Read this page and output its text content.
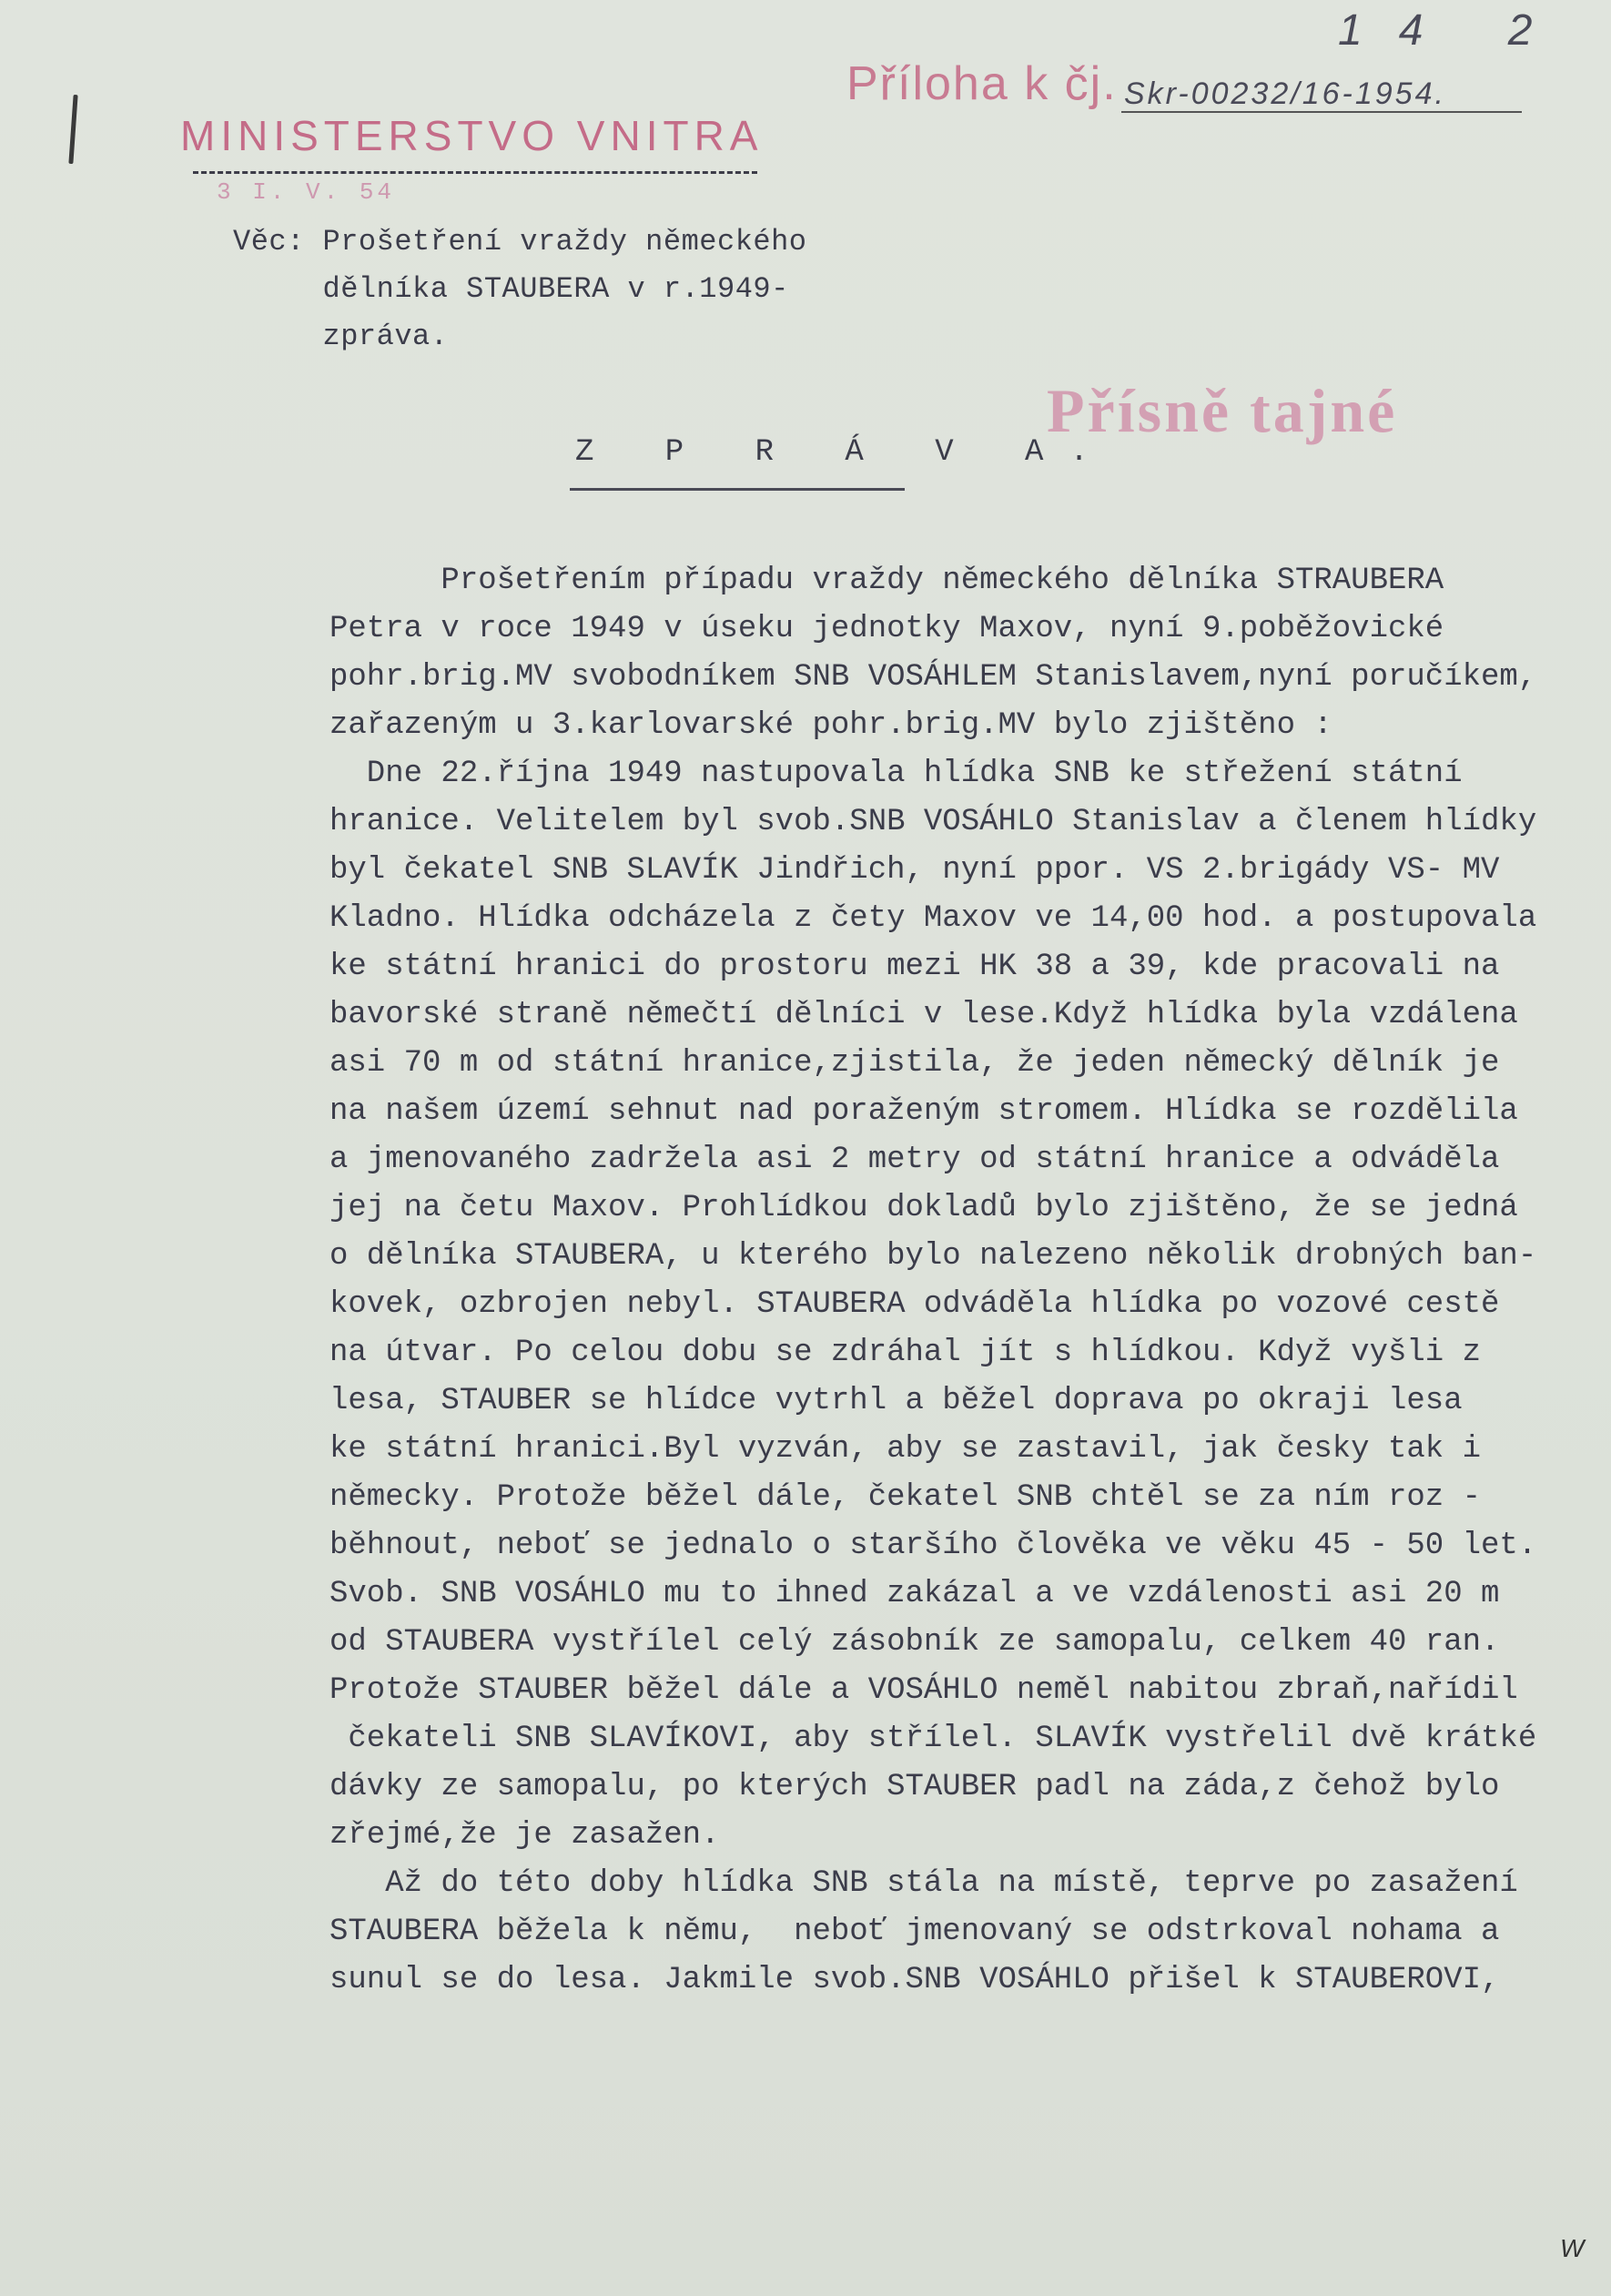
14 2
Příloha k čj. Skr-00232/16-1954.
MINISTERSTVO VNITRA
3 I. V. 54
Věc: Prošetření vraždy německého
dělníka STAUBERA v r.1949-
zpráva.
Přísně tajné
Z P R Á V A.
Prošetřením případu vraždy německého dělníka STRAUBERA
Petra v roce 1949 v úseku jednotky Maxov, nyní 9.poběžovické
pohr.brig.MV svobodníkem SNB VOSÁHLEM Stanislavem,nyní poručíkem,
zařazeným u 3.karlovarské pohr.brig.MV bylo zjištěno :
Dne 22.října 1949 nastupovala hlídka SNB ke střežení státní
hranice. Velitelem byl svob.SNB VOSÁHLO Stanislav a členem hlídky
byl čekatel SNB SLAVÍK Jindřich, nyní ppor. VS 2.brigády VS- MV
Kladno. Hlídka odcházela z čety Maxov ve 14,00 hod. a postupovala
ke státní hranici do prostoru mezi HK 38 a 39, kde pracovali na
bavorské straně němečtí dělníci v lese.Když hlídka byla vzdálena
asi 70 m od státní hranice,zjistila, že jeden německý dělník je
na našem území sehnut nad poraženým stromem. Hlídka se rozdělila
a jmenovaného zadržela asi 2 metry od státní hranice a odváděla
jej na četu Maxov. Prohlídkou dokladů bylo zjištěno, že se jedná
o dělníka STAUBERA, u kterého bylo nalezeno několik drobných ban-
kovek, ozbrojen nebyl. STAUBERA odváděla hlídka po vozové cestě
na útvar. Po celou dobu se zdráhal jít s hlídkou. Když vyšli z
lesa, STAUBER se hlídce vytrhl a běžel doprava po okraji lesa
ke státní hranici.Byl vyzván, aby se zastavil, jak česky tak i
německy. Protože běžel dále, čekatel SNB chtěl se za ním roz -
běhnout, neboť se jednalo o staršího člověka ve věku 45 - 50 let.
Svob. SNB VOSÁHLO mu to ihned zakázal a ve vzdálenosti asi 20 m
od STAUBERA vystřílel celý zásobník ze samopalu, celkem 40 ran.
Protože STAUBER běžel dále a VOSÁHLO neměl nabitou zbraň,nařídil
čekateli SNB SLAVÍKOVI, aby střílel. SLAVÍK vystřelil dvě krátké
dávky ze samopalu, po kterých STAUBER padl na záda,z čehož bylo
zřejmé,že je zasažen.
Až do této doby hlídka SNB stála na místě, teprve po zasažení
STAUBERA běžela k němu,  neboť jmenovaný se odstrkoval nohama a
sunul se do lesa. Jakmile svob.SNB VOSÁHLO přišel k STAUBEROVI,
W
